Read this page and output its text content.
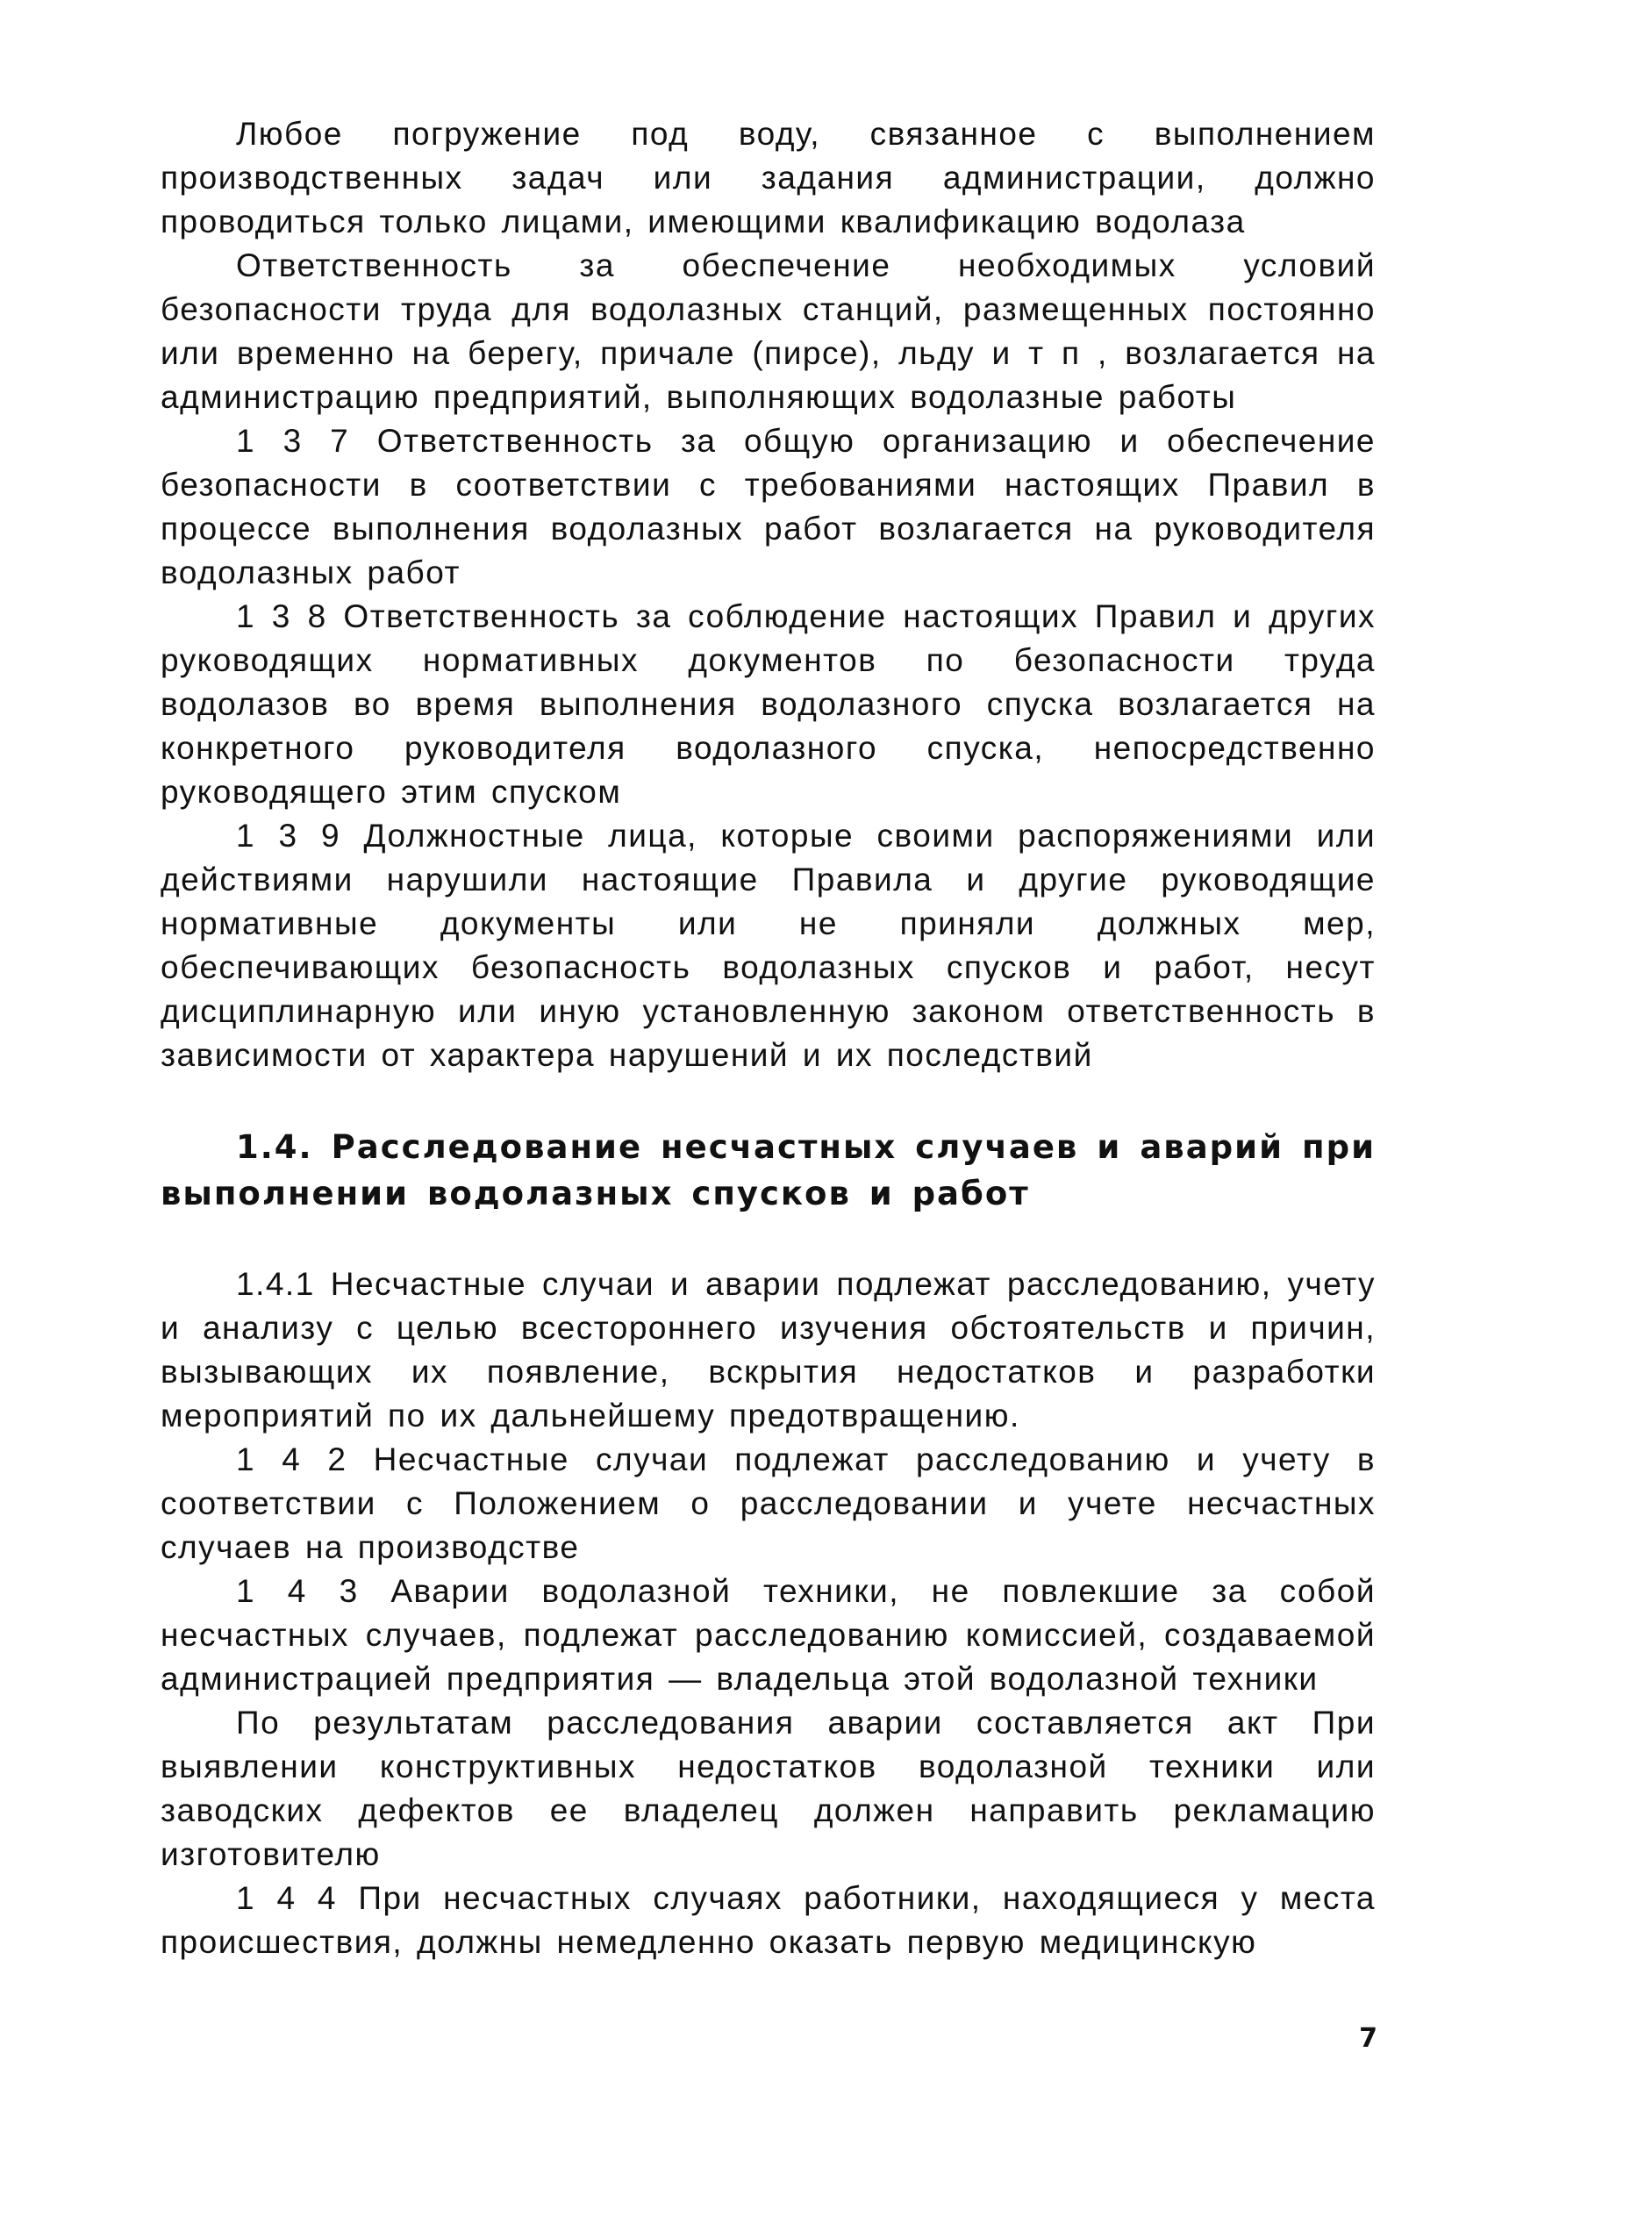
Любое погружение под воду, связанное с выполнением производственных задач или задания администрации, должно проводиться только лицами, имеющими квалификацию водолаза

Ответственность за обеспечение необходимых условий безопасности труда для водолазных станций, размещенных постоянно или временно на берегу, причале (пирсе), льду и т п , возлагается на администрацию предприятий, выполняющих водолазные работы

1 3 7 Ответственность за общую организацию и обеспечение безопасности в соответствии с требованиями настоящих Правил в процессе выполнения водолазных работ возлагается на руководителя водолазных работ

1 3 8 Ответственность за соблюдение настоящих Правил и других руководящих нормативных документов по безопасности труда водолазов во время выполнения водолазного спуска возлагается на конкретного руководителя водолазного спуска, непосредственно руководящего этим спуском

1 3 9 Должностные лица, которые своими распоряжениями или действиями нарушили настоящие Правила и другие руководящие нормативные документы или не приняли должных мер, обеспечивающих безопасность водолазных спусков и работ, несут дисциплинарную или иную установленную законом ответственность в зависимости от характера нарушений и их последствий

1.4. Расследование несчастных случаев и аварий при выполнении водолазных спусков и работ

1.4.1 Несчастные случаи и аварии подлежат расследованию, учету и анализу с целью всестороннего изучения обстоятельств и причин, вызывающих их появление, вскрытия недостатков и разработки мероприятий по их дальнейшему предотвращению.

1 4 2 Несчастные случаи подлежат расследованию и учету в соответствии с Положением о расследовании и учете несчастных случаев на производстве

1 4 3 Аварии водолазной техники, не повлекшие за собой несчастных случаев, подлежат расследованию комиссией, создаваемой администрацией предприятия — владельца этой водолазной техники

По результатам расследования аварии составляется акт При выявлении конструктивных недостатков водолазной техники или заводских дефектов ее владелец должен направить рекламацию изготовителю

1 4 4 При несчастных случаях работники, находящиеся у места происшествия, должны немедленно оказать первую медицинскую

7
